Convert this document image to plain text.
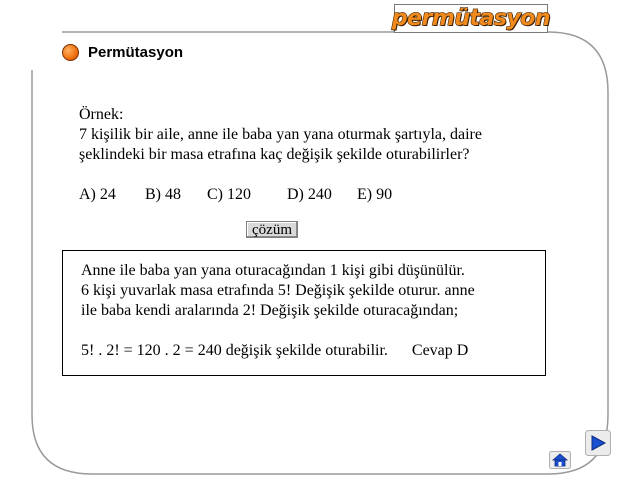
permütasyon
Permütasyon

Örnek:

7 kişilik bir aile, anne ile baba yan yana oturmak şartıyla, daire

şeklindeki bir masa etrafına kaç değişik şekilde oturabilirler?

A) 24	B) 48	C) 120	D) 240	E) 90
çözüm

Anne ile baba yan yana oturacağından 1 kişi gibi düşünülür.

6 kişi yuvarlak masa etrafında 5! Değişik şekilde oturur. anne

ile baba kendi aralarında 2! Değişik şekilde oturacağından;

5! . 2! = 120 . 2 = 240 değişik şekilde oturabilir. Cevap D
